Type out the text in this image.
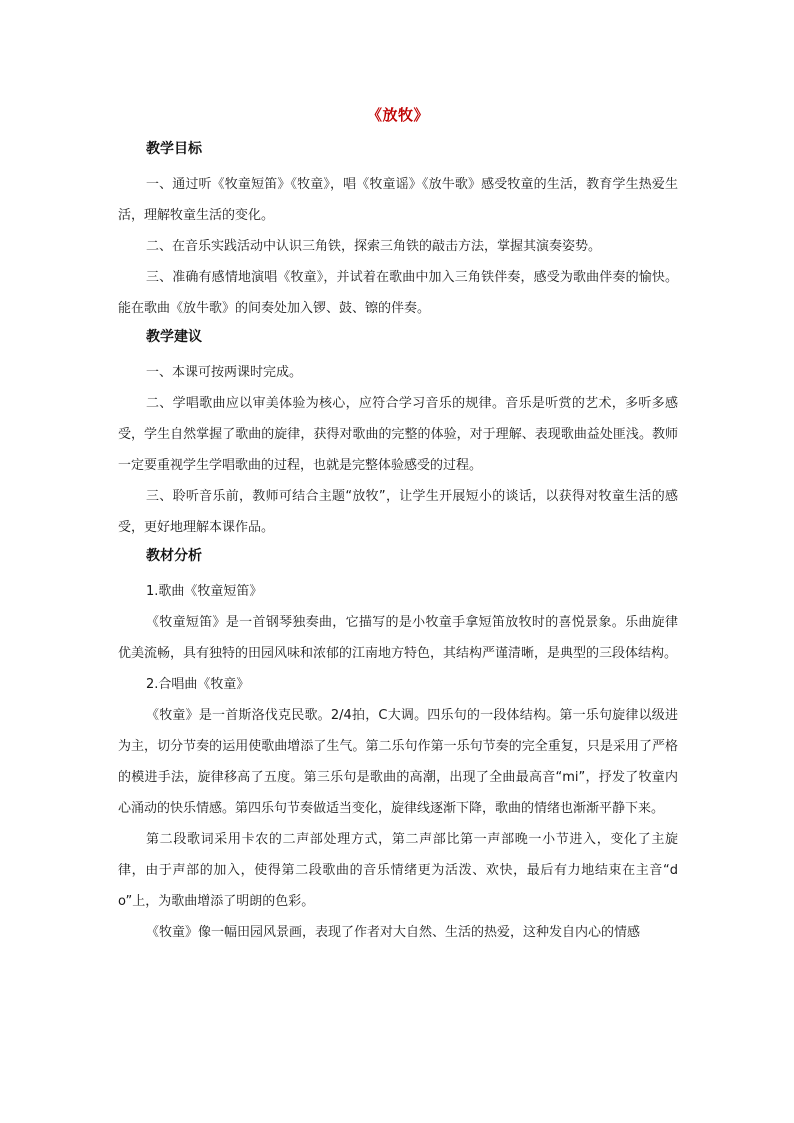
《放牧》
教学目标

一、通过听《牧童短笛》《牧童》，唱《牧童谣》《放牛歌》感受牧童的生活，教育学生热爱生活，理解牧童生活的变化。

二、在音乐实践活动中认识三角铁，探索三角铁的敲击方法，掌握其演奏姿势。

三、准确有感情地演唱《牧童》，并试着在歌曲中加入三角铁伴奏，感受为歌曲伴奏的愉快。能在歌曲《放牛歌》的间奏处加入锣、鼓、镲的伴奏。

教学建议

一、本课可按两课时完成。

二、学唱歌曲应以审美体验为核心，应符合学习音乐的规律。音乐是听赏的艺术，多听多感受，学生自然掌握了歌曲的旋律，获得对歌曲的完整的体验，对于理解、表现歌曲益处匪浅。教师一定要重视学生学唱歌曲的过程，也就是完整体验感受的过程。

三、聆听音乐前，教师可结合主题“放牧”，让学生开展短小的谈话，以获得对牧童生活的感受，更好地理解本课作品。

教材分析

1.歌曲《牧童短笛》

《牧童短笛》是一首钢琴独奏曲，它描写的是小牧童手拿短笛放牧时的喜悦景象。乐曲旋律优美流畅，具有独特的田园风味和浓郁的江南地方特色，其结构严谨清晰，是典型的三段体结构。

2.合唱曲《牧童》

《牧童》是一首斯洛伐克民歌。2/4拍，C大调。四乐句的一段体结构。第一乐句旋律以级进为主，切分节奏的运用使歌曲增添了生气。第二乐句作第一乐句节奏的完全重复，只是采用了严格的模进手法，旋律移高了五度。第三乐句是歌曲的高潮，出现了全曲最高音“mi”，抒发了牧童内心涌动的快乐情感。第四乐句节奏做适当变化，旋律线逐渐下降，歌曲的情绪也渐渐平静下来。

第二段歌词采用卡农的二声部处理方式，第二声部比第一声部晚一小节进入，变化了主旋律，由于声部的加入，使得第二段歌曲的音乐情绪更为活泼、欢快，最后有力地结束在主音“do”上，为歌曲增添了明朗的色彩。

《牧童》像一幅田园风景画，表现了作者对大自然、生活的热爱，这种发自内心的情感
